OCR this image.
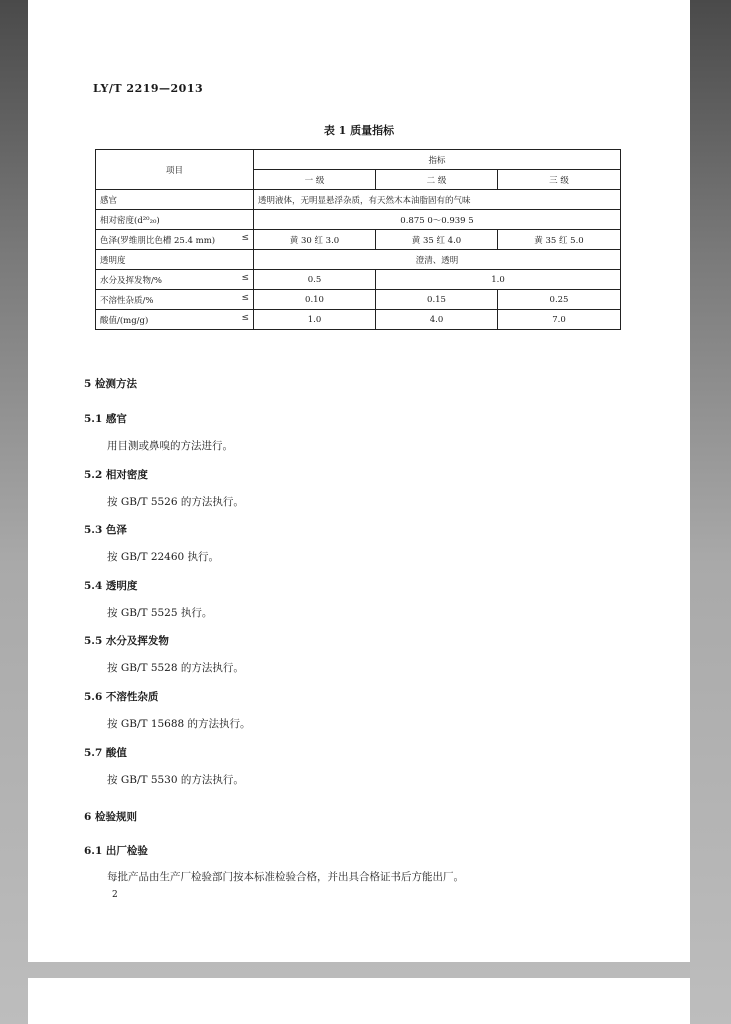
LY/T 2219—2013
表 1 质量指标
项目	指标		
	一 级	二 级	三 级
感官	透明液体，无明显悬浮杂质，有天然木本油脂固有的气味		
相对密度(d²⁰₂₀)	0.875 0～0.939 5		
色泽(罗维朋比色槽 25.4 mm) ≤	黄 30 红 3.0	黄 35 红 4.0	黄 35 红 5.0
透明度	澄清、透明		
水分及挥发物/% ≤	0.5	1.0	
不溶性杂质/% ≤	0.10	0.15	0.25
酸值/(mg/g) ≤	1.0	4.0	7.0
5 检测方法
5.1 感官
用目测或鼻嗅的方法进行。
5.2 相对密度
按 GB/T 5526 的方法执行。
5.3 色泽
按 GB/T 22460 执行。
5.4 透明度
按 GB/T 5525 执行。
5.5 水分及挥发物
按 GB/T 5528 的方法执行。
5.6 不溶性杂质
按 GB/T 15688 的方法执行。
5.7 酸值
按 GB/T 5530 的方法执行。
6 检验规则
6.1 出厂检验
每批产品由生产厂检验部门按本标准检验合格，并出具合格证书后方能出厂。
2
